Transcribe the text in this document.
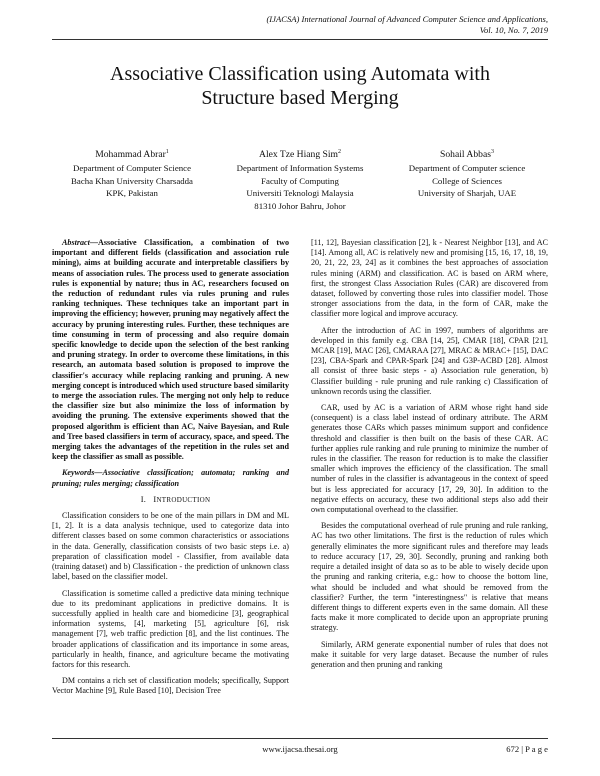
(IJACSA) International Journal of Advanced Computer Science and Applications,
Vol. 10, No. 7, 2019
Associative Classification using Automata with
Structure based Merging
Mohammad Abrar$^1$
Department of Computer Science
Bacha Khan University Charsadda
KPK, Pakistan
Alex Tze Hiang Sim$^2$
Department of Information Systems
Faculty of Computing
Universiti Teknologi Malaysia
81310 Johor Bahru, Johor
Sohail Abbas$^3$
Department of Computer science
College of Sciences
University of Sharjah, UAE

Abstract—Associative Classification, a combination of two important and different fields (classification and association rule mining), aims at building accurate and interpretable classifiers by means of association rules. The process used to generate association rules is exponential by nature; thus in AC, researchers focused on the reduction of redundant rules via rules pruning and rules ranking techniques. These techniques take an important part in improving the efficiency; however, pruning may negatively affect the accuracy by pruning interesting rules. Further, these techniques are time consuming in term of processing and also require domain specific knowledge to decide upon the selection of the best ranking and pruning strategy. In order to overcome these limitations, in this research, an automata based solution is proposed to improve the classifier's accuracy while replacing ranking and pruning. A new merging concept is introduced which used structure based similarity to merge the association rules. The merging not only help to reduce the classifier size but also minimize the loss of information by avoiding the pruning. The extensive experiments showed that the proposed algorithm is efficient than AC, Naive Bayesian, and Rule and Tree based classifiers in term of accuracy, space, and speed. The merging takes the advantages of the repetition in the rules set and keep the classifier as small as possible.

Keywords—Associative classification; automata; ranking and pruning; rules merging; classification

I. INTRODUCTION

Classification considers to be one of the main pillars in DM and ML [1, 2]. It is a data analysis technique, used to categorize data into different classes based on some common characteristics or associations in the data. Generally, classification consists of two basic steps i.e. a) preparation of classification model - Classifier, from available data (training dataset) and b) Classification - the prediction of unknown class label, based on the classifier model.

Classification is sometime called a predictive data mining technique due to its predominant applications in predictive domains. It is successfully applied in health care and biomedicine [3], geographical information systems, [4], marketing [5], agriculture [6], risk management [7], web traffic prediction [8], and the list continues. The broader applications of classification and its importance in some areas, particularly in health, finance, and agriculture became the motivating factors for this research.

DM contains a rich set of classification models; specifically, Support Vector Machine [9], Rule Based [10], Decision Tree

[11, 12], Bayesian classification [2], k - Nearest Neighbor [13], and AC [14]. Among all, AC is relatively new and promising [15, 16, 17, 18, 19, 20, 21, 22, 23, 24] as it combines the best approaches of association rules mining (ARM) and classification. AC is based on ARM where, first, the strongest Class Association Rules (CAR) are discovered from dataset, followed by converting those rules into classifier model. Those stronger associations from the data, in the form of CAR, make the classifier more logical and improve accuracy.

After the introduction of AC in 1997, numbers of algorithms are developed in this family e.g. CBA [14, 25], CMAR [18], CPAR [21], MCAR [19], MAC [26], CMARAA [27], MRAC & MRAC+ [15], DAC [23], CBA-Spark and CPAR-Spark [24] and G3P-ACBD [28]. Almost all consist of three basic steps - a) Association rule generation, b) Classifier building - rule pruning and rule ranking c) Classification of unknown records using the classifier.

CAR, used by AC is a variation of ARM whose right hand side (consequent) is a class label instead of ordinary attribute. The ARM generates those CARs which passes minimum support and confidence threshold and classifier is then built on the basis of these CAR. AC further applies rule ranking and rule pruning to minimize the number of rules in the classifier. The reason for reduction is to make the classifier smaller which improves the efficiency of the classification. The small number of rules in the classifier is advantageous in the context of speed but is less appreciated for accuracy [17, 29, 30]. In addition to the negative effects on accuracy, these two additional steps also add their own computational overhead to the classifier.

Besides the computational overhead of rule pruning and rule ranking, AC has two other limitations. The first is the reduction of rules which generally eliminates the more significant rules and therefore may leads to reduce accuracy [17, 29, 30]. Secondly, pruning and ranking both require a detailed insight of data so as to be able to wisely decide upon the pruning and ranking criteria, e.g.: how to choose the bottom line, what should be included and what should be removed from the classifier? Further, the term "interestingness" is relative that means different things to different experts even in the same domain. All these facts make it more complicated to decide upon an appropriate pruning strategy.

Similarly, ARM generate exponential number of rules that does not make it suitable for very large dataset. Because the number of rules generation and then pruning and ranking

www.ijacsa.thesai.org	672 | P a g e
